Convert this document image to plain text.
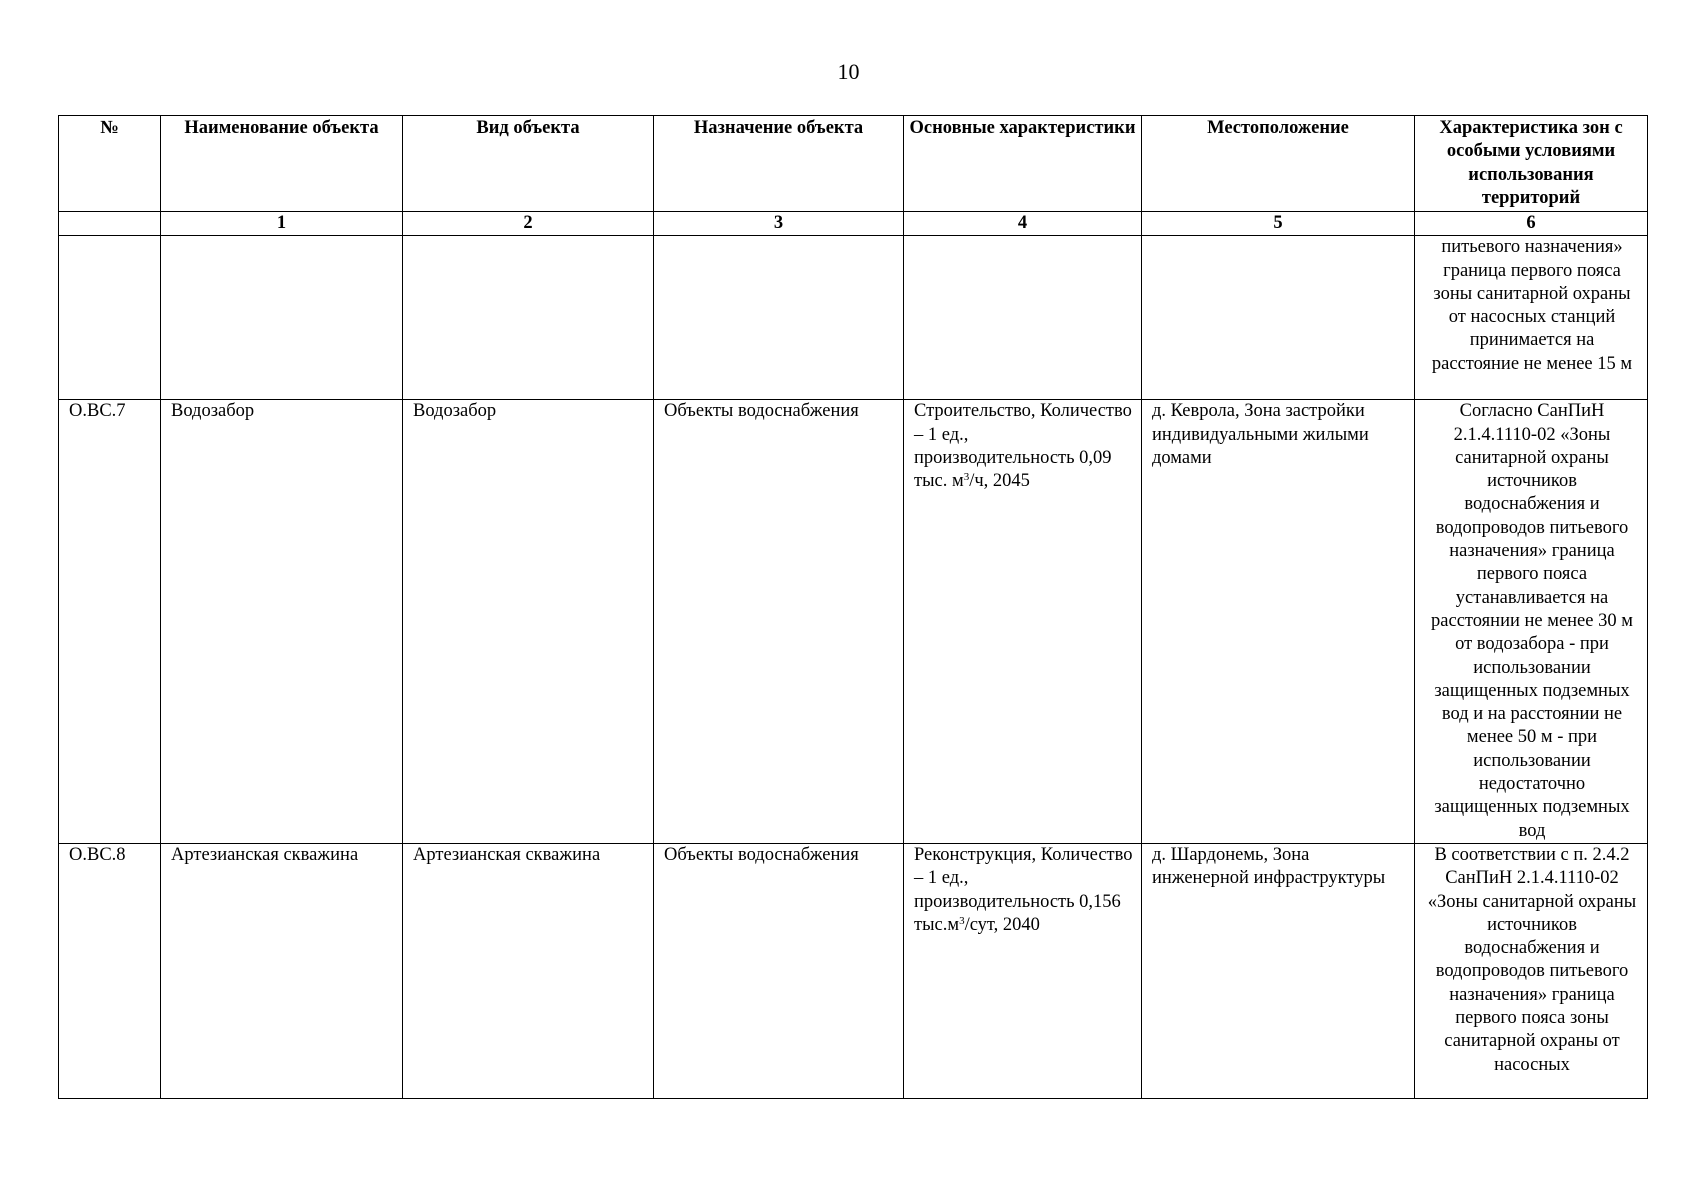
10
№	Наименование объекта	Вид объекта	Назначение объекта	Основные характеристики	Местоположение	Характеристика зон с особыми условиями использования территорий
	1	2	3	4	5	6
						питьевого назначения» граница первого пояса зоны санитарной охраны от насосных станций принимается на расстояние не менее 15 м
О.ВС.7	Водозабор	Водозабор	Объекты водоснабжения	Строительство, Количество – 1 ед., производительность 0,09 тыс. $м^3/ч$, 2045	д. Кеврола, Зона застройки индивидуальными жилыми домами	Согласно СанПиН 2.1.4.1110-02 «Зоны санитарной охраны источников водоснабжения и водопроводов питьевого назначения» граница первого пояса устанавливается на расстоянии не менее 30 м от водозабора - при использовании защищенных подземных вод и на расстоянии не менее 50 м - при использовании недостаточно защищенных подземных вод
О.ВС.8	Артезианская скважина	Артезианская скважина	Объекты водоснабжения	Реконструкция, Количество – 1 ед., производительность 0,156 $тыс.м^3$/сут, 2040	д. Шардонемь, Зона инженерной инфраструктуры	В соответствии с п. 2.4.2 СанПиН 2.1.4.1110-02 «Зоны санитарной охраны источников водоснабжения и водопроводов питьевого назначения» граница первого пояса зоны санитарной охраны от насосных
